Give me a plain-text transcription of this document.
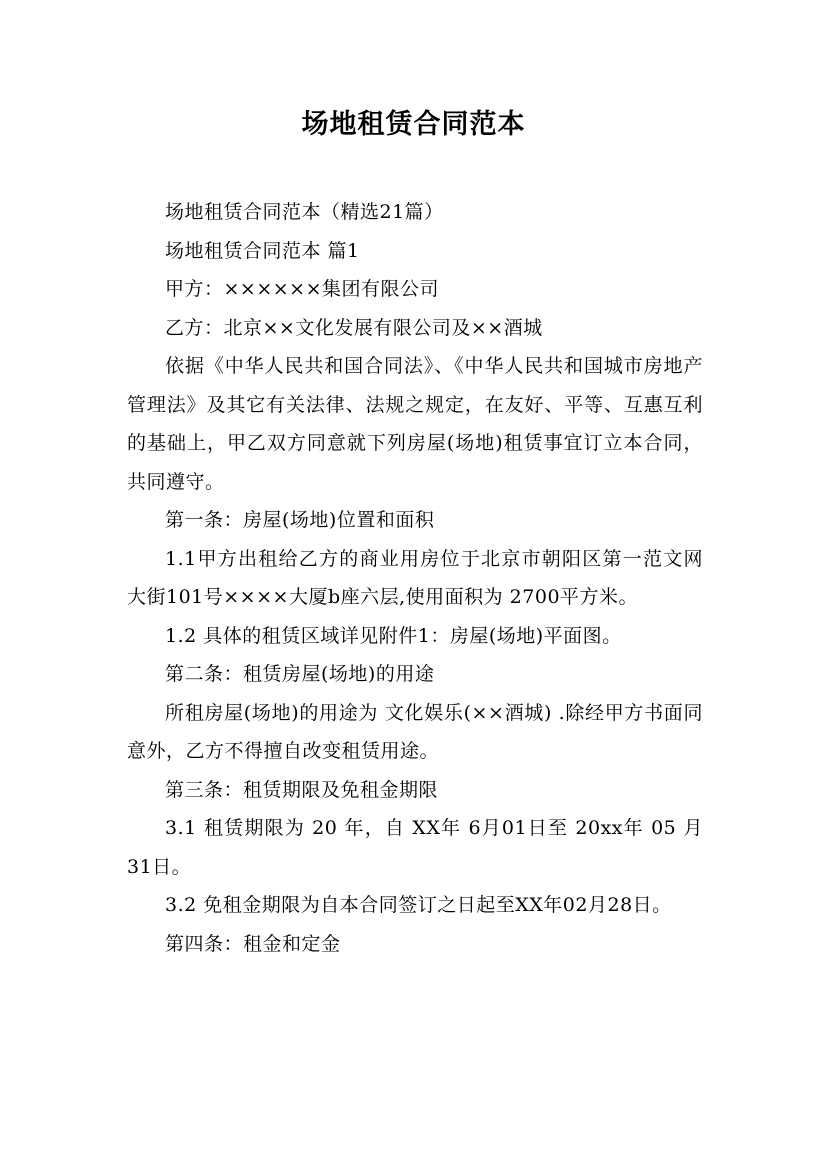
场地租赁合同范本

场地租赁合同范本（精选21篇）

场地租赁合同范本 篇1

甲方：××××××集团有限公司

乙方：北京××文化发展有限公司及××酒城

依据《中华人民共和国合同法》、《中华人民共和国城市房地产管理法》及其它有关法律、法规之规定，在友好、平等、互惠互利的基础上，甲乙双方同意就下列房屋(场地)租赁事宜订立本合同，共同遵守。

第一条：房屋(场地)位置和面积

1.1甲方出租给乙方的商业用房位于北京市朝阳区第一范文网大街101号××××大厦b座六层,使用面积为 2700平方米。

1.2 具体的租赁区域详见附件1：房屋(场地)平面图。

第二条：租赁房屋(场地)的用途

所租房屋(场地)的用途为 文化娱乐(××酒城) .除经甲方书面同意外，乙方不得擅自改变租赁用途。

第三条：租赁期限及免租金期限

3.1 租赁期限为 20 年，自 XX年 6月01日至 20xx年 05 月 31日。

3.2 免租金期限为自本合同签订之日起至XX年02月28日。

第四条：租金和定金
